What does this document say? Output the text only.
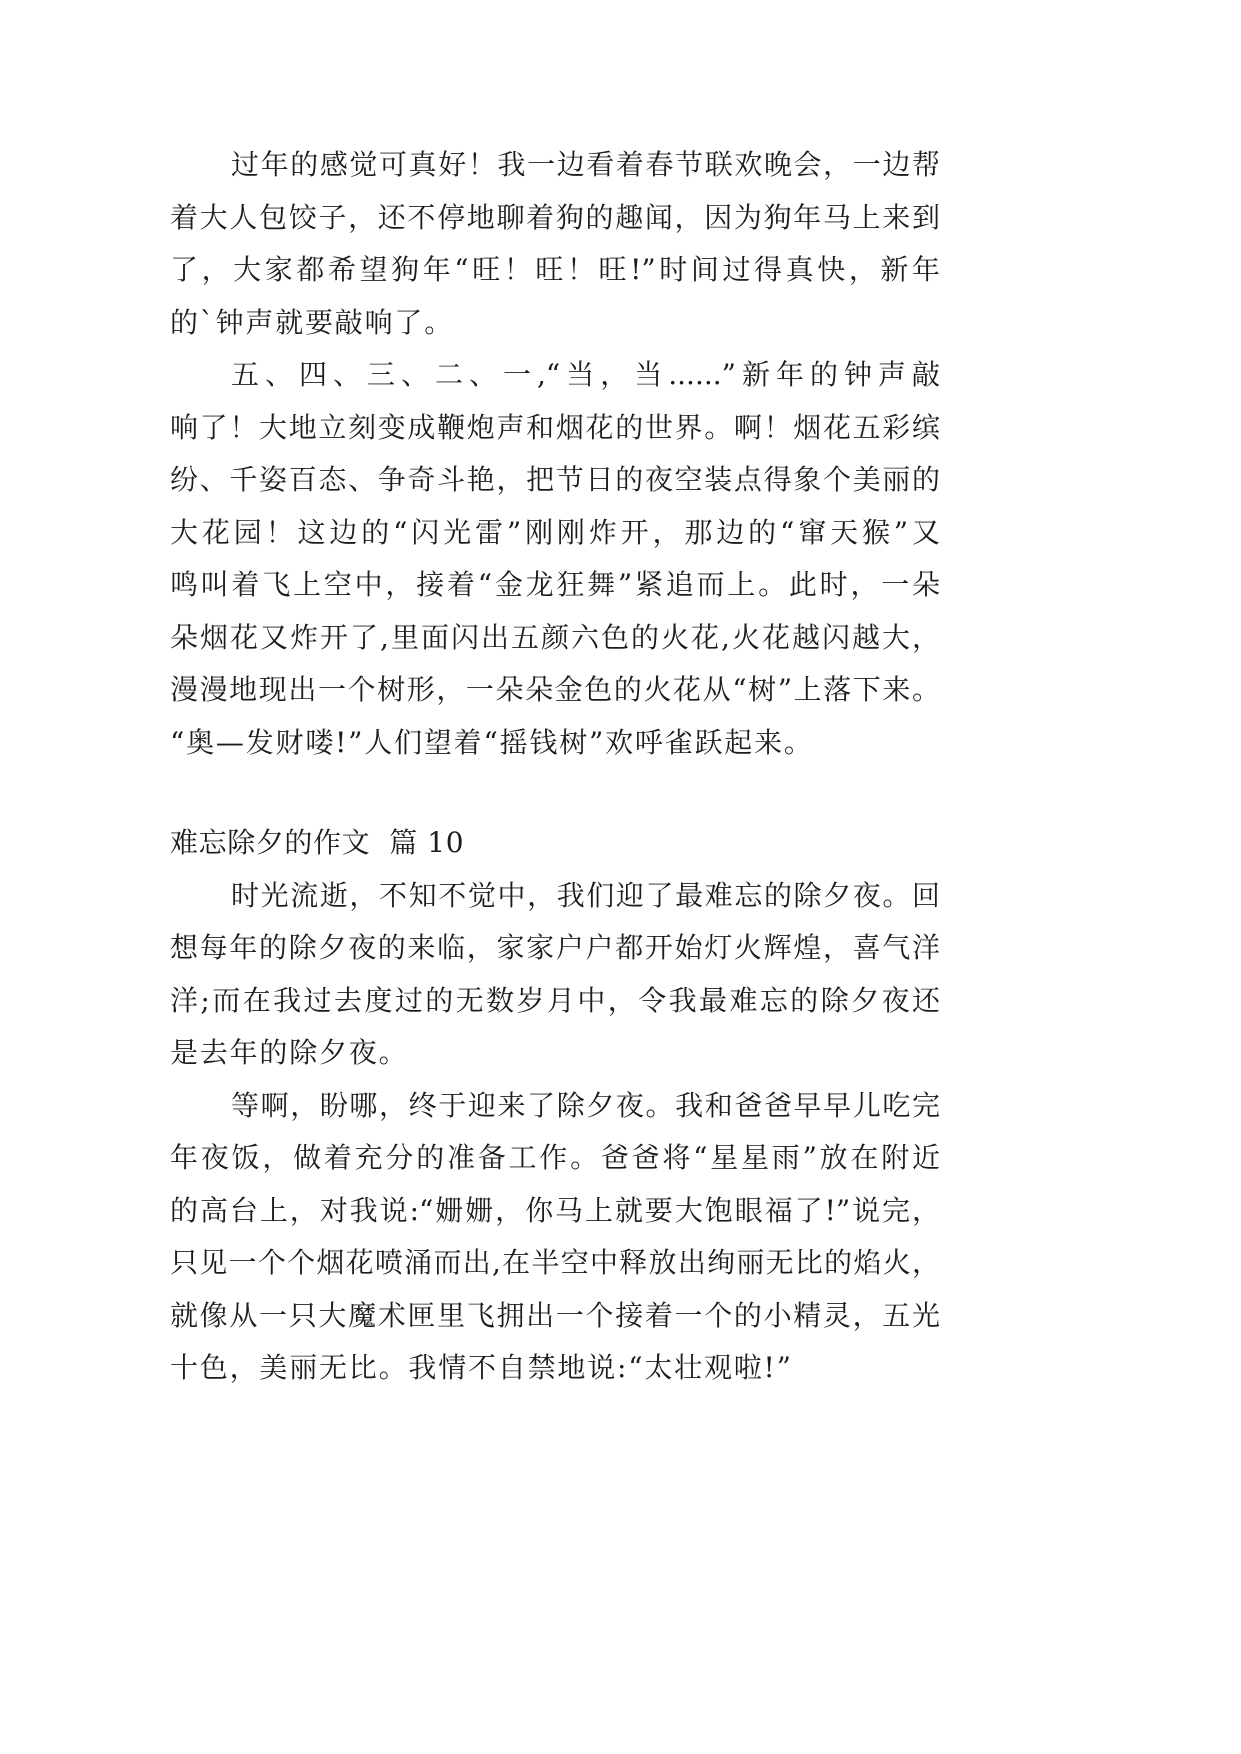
过年的感觉可真好！我一边看着春节联欢晚会，一边帮
着大人包饺子，还不停地聊着狗的趣闻，因为狗年马上来到
了，大家都希望狗年“旺！旺！旺!”时间过得真快，新年
的`钟声就要敲响了。
五、四、三、二、一,“当，当......”新年的钟声敲
响了！大地立刻变成鞭炮声和烟花的世界。啊！烟花五彩缤
纷、千姿百态、争奇斗艳，把节日的夜空装点得象个美丽的
大花园！这边的“闪光雷”刚刚炸开，那边的“窜天猴”又
鸣叫着飞上空中，接着“金龙狂舞”紧追而上。此时，一朵
朵烟花又炸开了,里面闪出五颜六色的火花,火花越闪越大，
漫漫地现出一个树形，一朵朵金色的火花从“树”上落下来。
“奥—发财喽!”人们望着“摇钱树”欢呼雀跃起来。
难忘除夕的作文  篇 10
时光流逝，不知不觉中，我们迎了最难忘的除夕夜。回
想每年的除夕夜的来临，家家户户都开始灯火辉煌，喜气洋
洋;而在我过去度过的无数岁月中，令我最难忘的除夕夜还
是去年的除夕夜。
等啊，盼哪，终于迎来了除夕夜。我和爸爸早早儿吃完
年夜饭，做着充分的准备工作。爸爸将“星星雨”放在附近
的高台上，对我说:“姗姗，你马上就要大饱眼福了!”说完，
只见一个个烟花喷涌而出,在半空中释放出绚丽无比的焰火，
就像从一只大魔术匣里飞拥出一个接着一个的小精灵，五光
十色，美丽无比。我情不自禁地说:“太壮观啦!”
